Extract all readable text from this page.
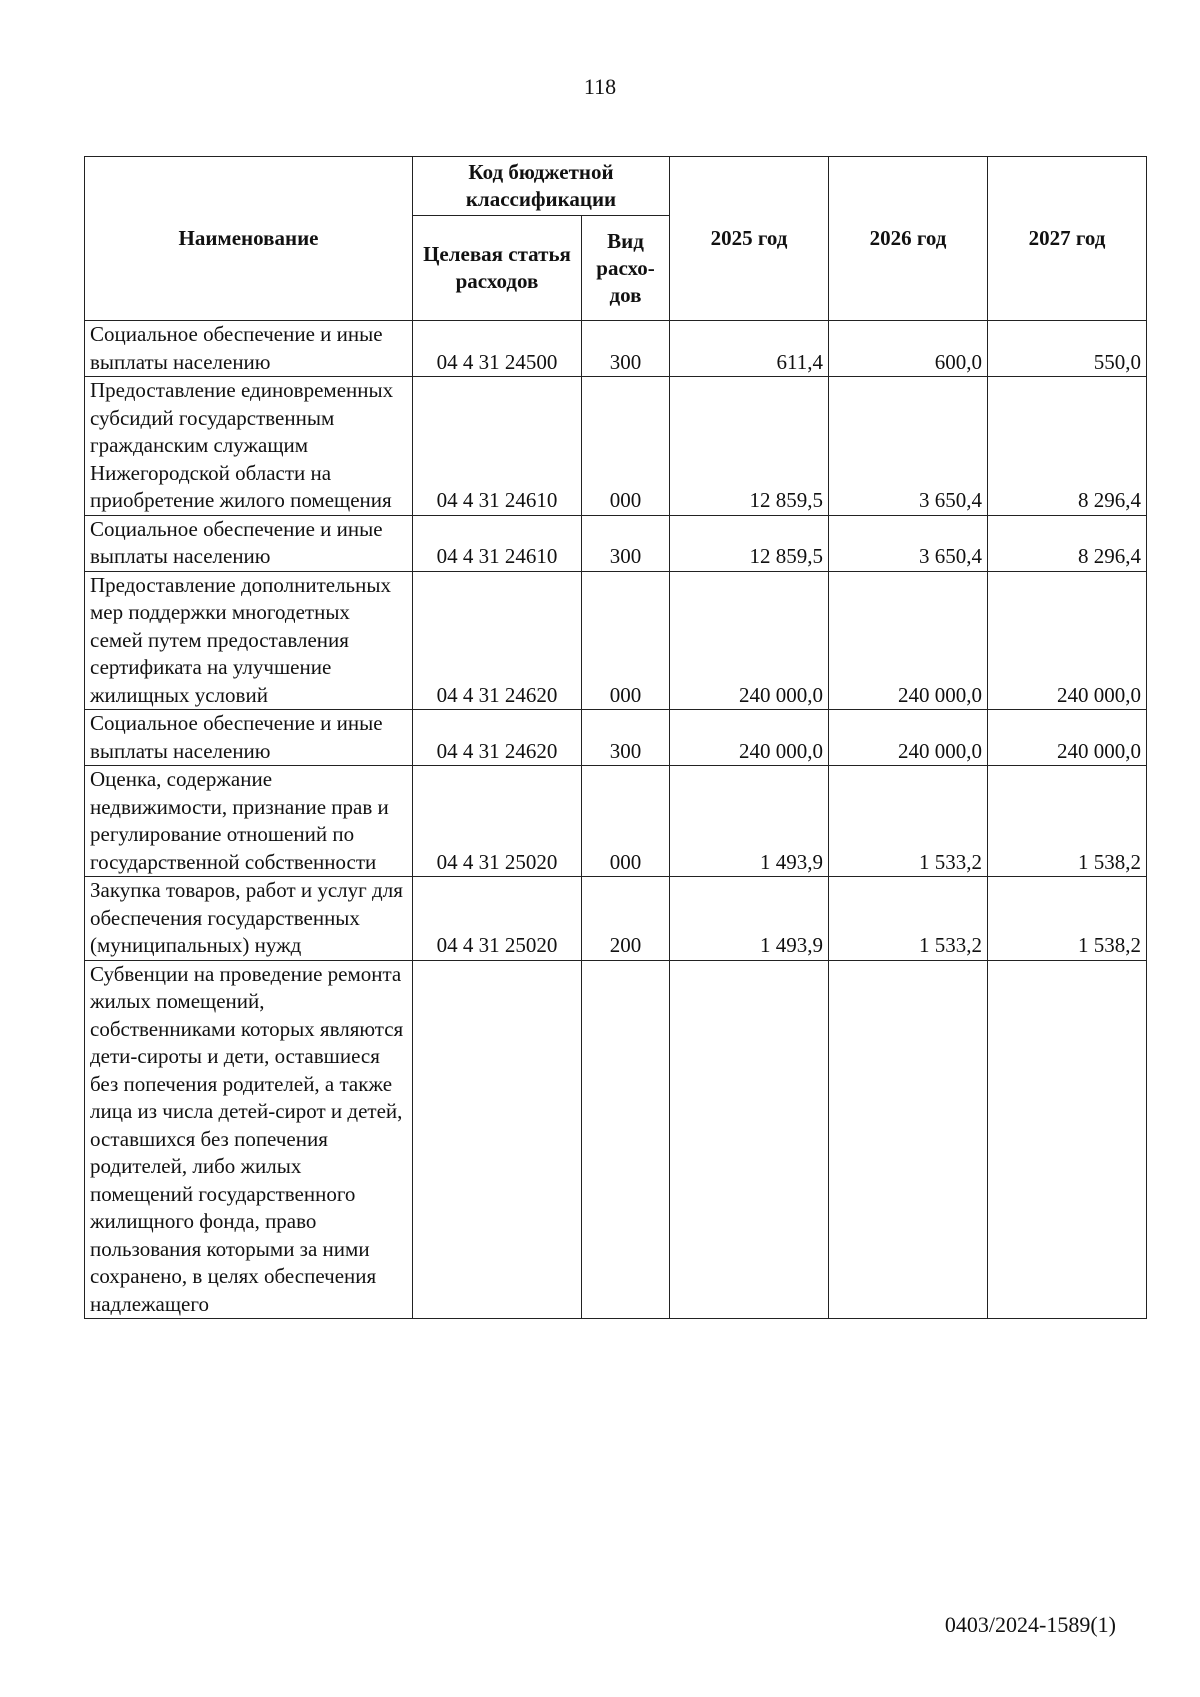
118
Наименование	Код бюджетной классификации		2025 год	2026 год	2027 год
	Целевая статья расходов	Вид расхо-дов			
Социальное обеспечение и иные выплаты населению	04 4 31 24500	300	611,4	600,0	550,0
Предоставление единовременных субсидий государственным гражданским служащим Нижегородской области на приобретение жилого помещения	04 4 31 24610	000	12 859,5	3 650,4	8 296,4
Социальное обеспечение и иные выплаты населению	04 4 31 24610	300	12 859,5	3 650,4	8 296,4
Предоставление дополнительных мер поддержки многодетных семей путем предоставления сертификата на улучшение жилищных условий	04 4 31 24620	000	240 000,0	240 000,0	240 000,0
Социальное обеспечение и иные выплаты населению	04 4 31 24620	300	240 000,0	240 000,0	240 000,0
Оценка, содержание недвижимости, признание прав и регулирование отношений по государственной собственности	04 4 31 25020	000	1 493,9	1 533,2	1 538,2
Закупка товаров, работ и услуг для обеспечения государственных (муниципальных) нужд	04 4 31 25020	200	1 493,9	1 533,2	1 538,2
Субвенции на проведение ремонта жилых помещений, собственниками которых являются дети-сироты и дети, оставшиеся без попечения родителей, а также лица из числа детей-сирот и детей, оставшихся без попечения родителей, либо жилых помещений государственного жилищного фонда, право пользования которыми за ними сохранено, в целях обеспечения надлежащего					
0403/2024-1589(1)
